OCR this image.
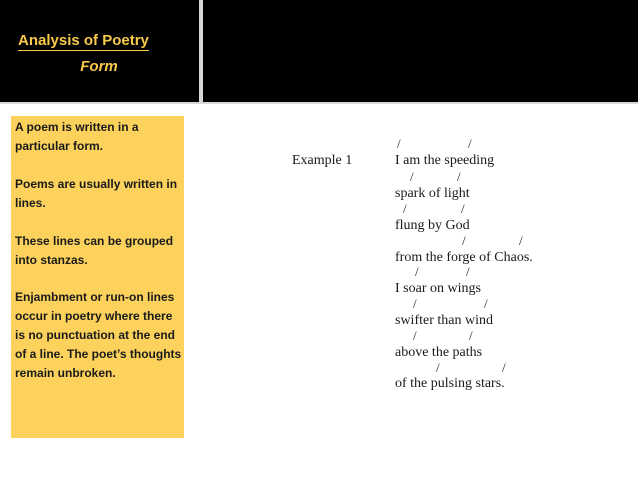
Analysis of Poetry
Form

A poem is written in a particular form.

Poems are usually written in lines.

These lines can be grouped into stanzas.

Enjambment or run-on lines occur in poetry where there is no punctuation at the end of a line. The poet’s thoughts remain unbroken.

Example 1
/	/
/	/
/	/
/	/
/	/
/	/
/	/
/	/
I am the speeding
spark of light
flung by God
from the forge of Chaos.
I soar on wings
swifter than wind
above the paths
of the pulsing stars.
